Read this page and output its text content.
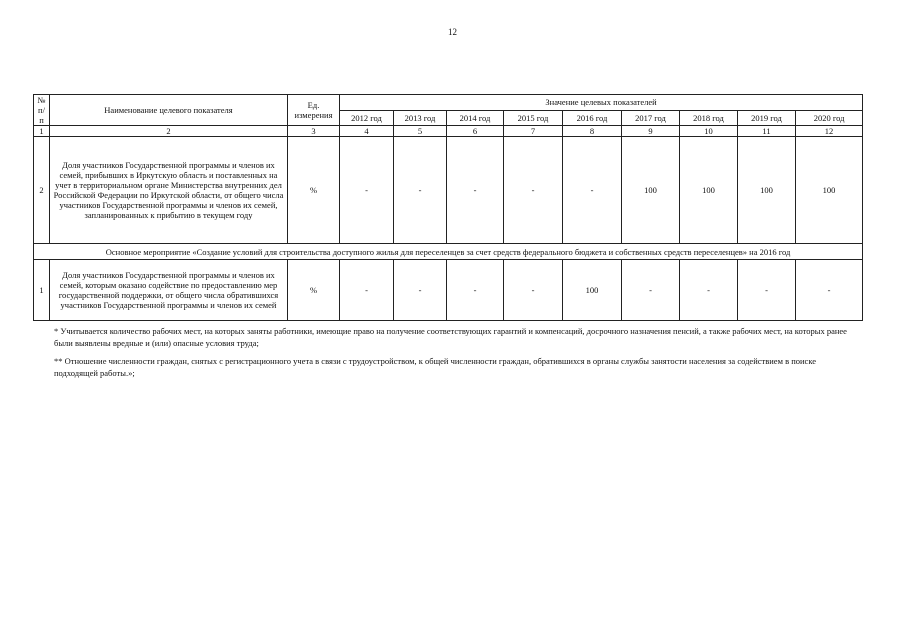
12
№
п/п	Наименование целевого показателя	Ед.
измерения	Значение целевых показателей								
			2012 год	2013 год	2014 год	2015 год	2016 год	2017 год	2018 год	2019 год	2020 год
1	2	3	4	5	6	7	8	9	10	11	12
2	Доля участников Государственной программы и членов их семей, прибывших в Иркутскую область и поставленных на учет в территориальном органе Министерства внутренних дел Российской Федерации по Иркутской области, от общего числа участников Государственной программы и членов их семей, запланированных к прибытию в текущем году	%	-	-	-	-	-	100	100	100	100
Основное мероприятие «Создание условий для строительства доступного жилья для переселенцев за счет средств федерального бюджета и собственных средств переселенцев» на 2016 год											
1	Доля участников Государственной программы и членов их семей, которым оказано содействие по предоставлению мер государственной поддержки, от общего числа обратившихся участников Государственной программы и членов их семей	%	-	-	-	-	100	-	-	-	-

* Учитывается количество рабочих мест, на которых заняты работники, имеющие право на получение соответствующих гарантий и компенсаций, досрочного назначения пенсий, а также рабочих мест, на которых ранее были выявлены вредные и (или) опасные условия труда;

** Отношение численности граждан, снятых с регистрационного учета в связи с трудоустройством, к общей численности граждан, обратившихся в органы службы занятости населения за содействием в поиске подходящей работы.»;
